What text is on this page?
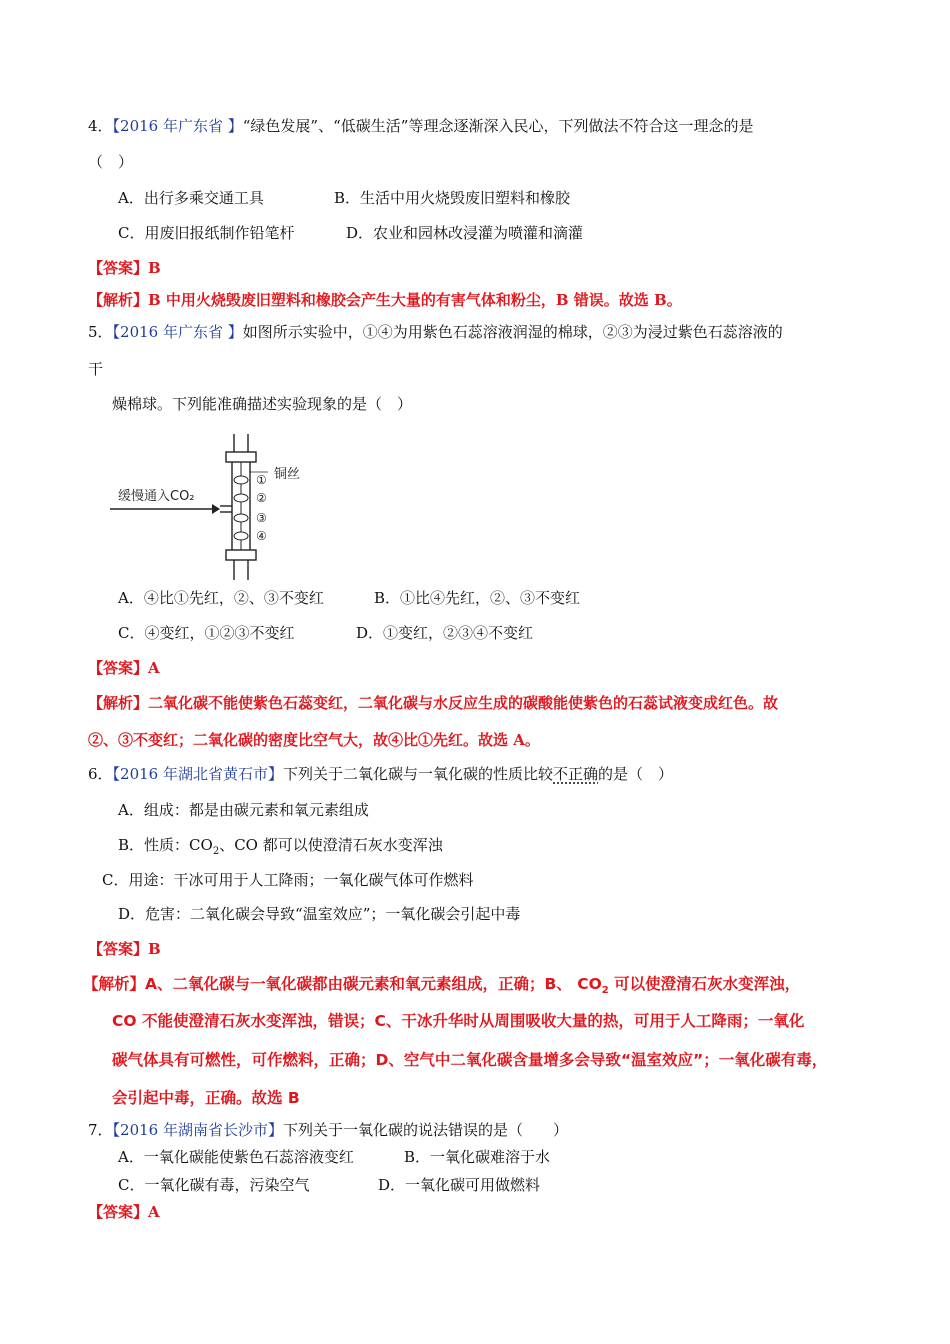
4．【2016 年广东省 】“绿色发展”、“低碳生活”等理念逐渐深入民心，下列做法不符合这一理念的是
（　）
A．出行多乘交通工具	B．生活中用火烧毁废旧塑料和橡胶
C．用废旧报纸制作铅笔杆	D．农业和园林改浸灌为喷灌和滴灌
【答案】B
【解析】B 中用火烧毁废旧塑料和橡胶会产生大量的有害气体和粉尘，B 错误。故选 B。
5．【2016 年广东省 】如图所示实验中，①④为用紫色石蕊溶液润湿的棉球，②③为浸过紫色石蕊溶液的
干
燥棉球。下列能准确描述实验现象的是（　）
缓慢通入CO₂
铜丝
①
②
③
④
A．④比①先红，②、③不变红	B．①比④先红，②、③不变红
C．④变红，①②③不变红	D．①变红，②③④不变红
【答案】A
【解析】二氧化碳不能使紫色石蕊变红，二氧化碳与水反应生成的碳酸能使紫色的石蕊试液变成红色。故
②、③不变红；二氧化碳的密度比空气大，故④比①先红。故选 A。
6．【2016 年湖北省黄石市】下列关于二氧化碳与一氧化碳的性质比较不正确的是（　）
A．组成：都是由碳元素和氧元素组成
B．性质：$CO_2$、CO 都可以使澄清石灰水变浑浊
C．用途：干冰可用于人工降雨；一氧化碳气体可作燃料
D．危害：二氧化碳会导致“温室效应”；一氧化碳会引起中毒
【答案】B
【解析】A、二氧化碳与一氧化碳都由碳元素和氧元素组成，正确；B、 $CO_2$ 可以使澄清石灰水变浑浊，
CO 不能使澄清石灰水变浑浊，错误；C、干冰升华时从周围吸收大量的热，可用于人工降雨；一氧化
碳气体具有可燃性，可作燃料，正确；D、空气中二氧化碳含量增多会导致“温室效应”；一氧化碳有毒，
会引起中毒，正确。故选 B
7．【2016 年湖南省长沙市】下列关于一氧化碳的说法错误的是（　　）
A．一氧化碳能使紫色石蕊溶液变红	B．一氧化碳难溶于水
C．一氧化碳有毒，污染空气	D．一氧化碳可用做燃料
【答案】A
